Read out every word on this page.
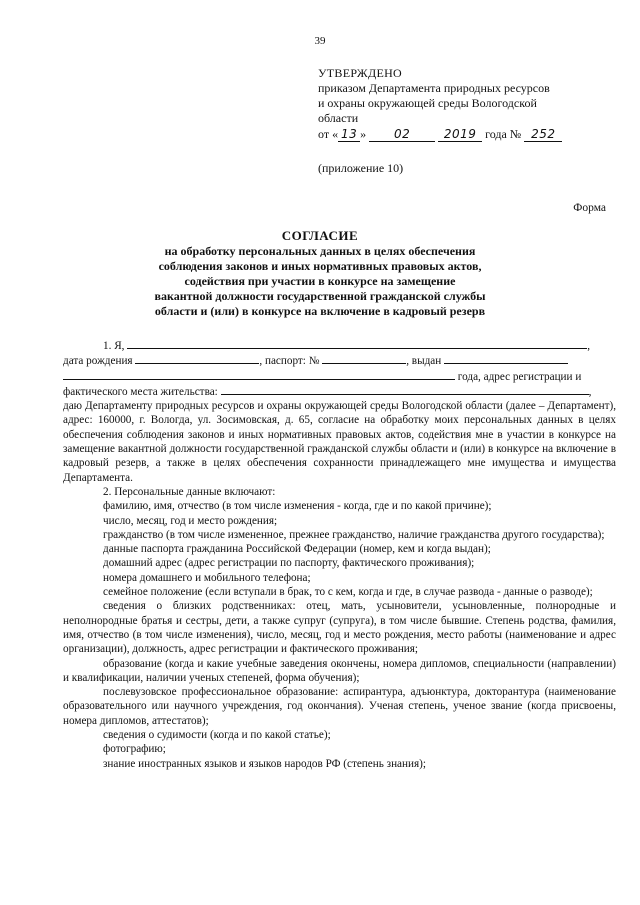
39
УТВЕРЖДЕНО
приказом Департамента природных ресурсов
и охраны окружающей среды Вологодской
области
от « 13 » 02	2019 года № 252
(приложение 10)
Форма
СОГЛАСИЕ
на обработку персональных данных в целях обеспечения
соблюдения законов и иных нормативных правовых актов,
содействия при участии в конкурсе на замещение
вакантной должности государственной гражданской службы
области и (или) в конкурсе на включение в кадровый резерв
1. Я,	,
дата рождения	, паспорт: №	, выдан
года, адрес регистрации и
фактического места жительства:	,
даю Департаменту природных ресурсов и охраны окружающей среды Вологодской области (далее – Департамент), адрес: 160000, г. Вологда, ул. Зосимовская, д. 65, согласие на обработку моих персональных данных в целях обеспечения соблюдения законов и иных нормативных правовых актов, содействия мне в участии в конкурсе на замещение вакантной должности государственной гражданской службы области и (или) в конкурсе на включение в кадровый резерв, а также в целях обеспечения сохранности принадлежащего мне имущества и имущества Департамента.
2. Персональные данные включают:
фамилию, имя, отчество (в том числе изменения - когда, где и по какой причине);
число, месяц, год и место рождения;
гражданство (в том числе измененное, прежнее гражданство, наличие гражданства другого государства);
данные паспорта гражданина Российской Федерации (номер, кем и когда выдан);
домашний адрес (адрес регистрации по паспорту, фактического проживания);
номера домашнего и мобильного телефона;
семейное положение (если вступали в брак, то с кем, когда и где, в случае развода - данные о разводе);
сведения о близких родственниках: отец, мать, усыновители, усыновленные, полнородные и неполнородные братья и сестры, дети, а также супруг (супруга), в том числе бывшие. Степень родства, фамилия, имя, отчество (в том числе изменения), число, месяц, год и место рождения, место работы (наименование и адрес организации), должность, адрес регистрации и фактического проживания;
образование (когда и какие учебные заведения окончены, номера дипломов, специальности (направлении) и квалификации, наличии ученых степеней, форма обучения);
послевузовское профессиональное образование: аспирантура, адъюнктура, докторантура (наименование образовательного или научного учреждения, год окончания). Ученая степень, ученое звание (когда присвоены, номера дипломов, аттестатов);
сведения о судимости (когда и по какой статье);
фотографию;
знание иностранных языков и языков народов РФ (степень знания);
